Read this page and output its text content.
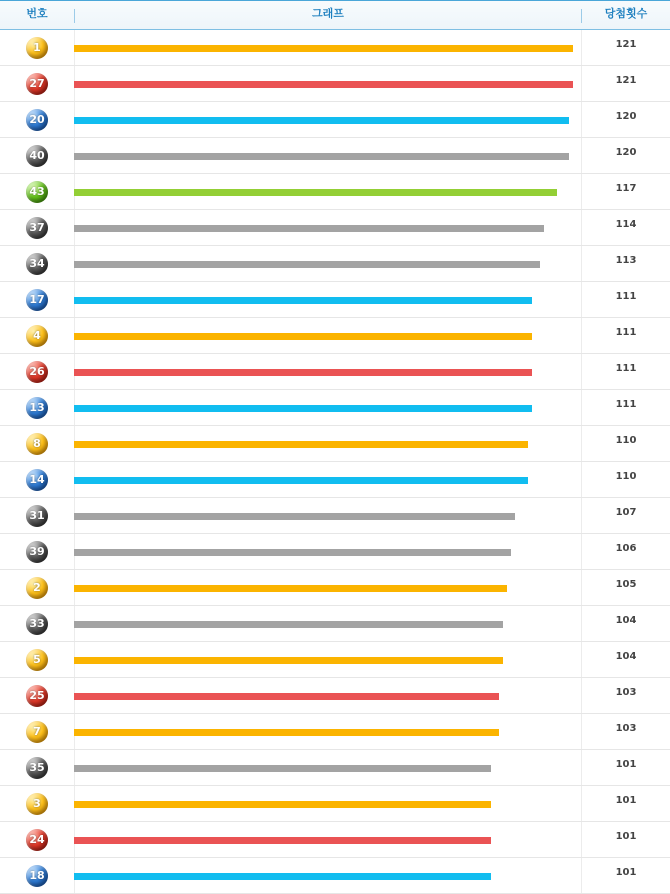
번호	그래프	당첨횟수
1	121
27	121
20	120
40	120
43	117
37	114
34	113
17	111
4	111
26	111
13	111
8	110
14	110
31	107
39	106
2	105
33	104
5	104
25	103
7	103
35	101
3	101
24	101
18	101
